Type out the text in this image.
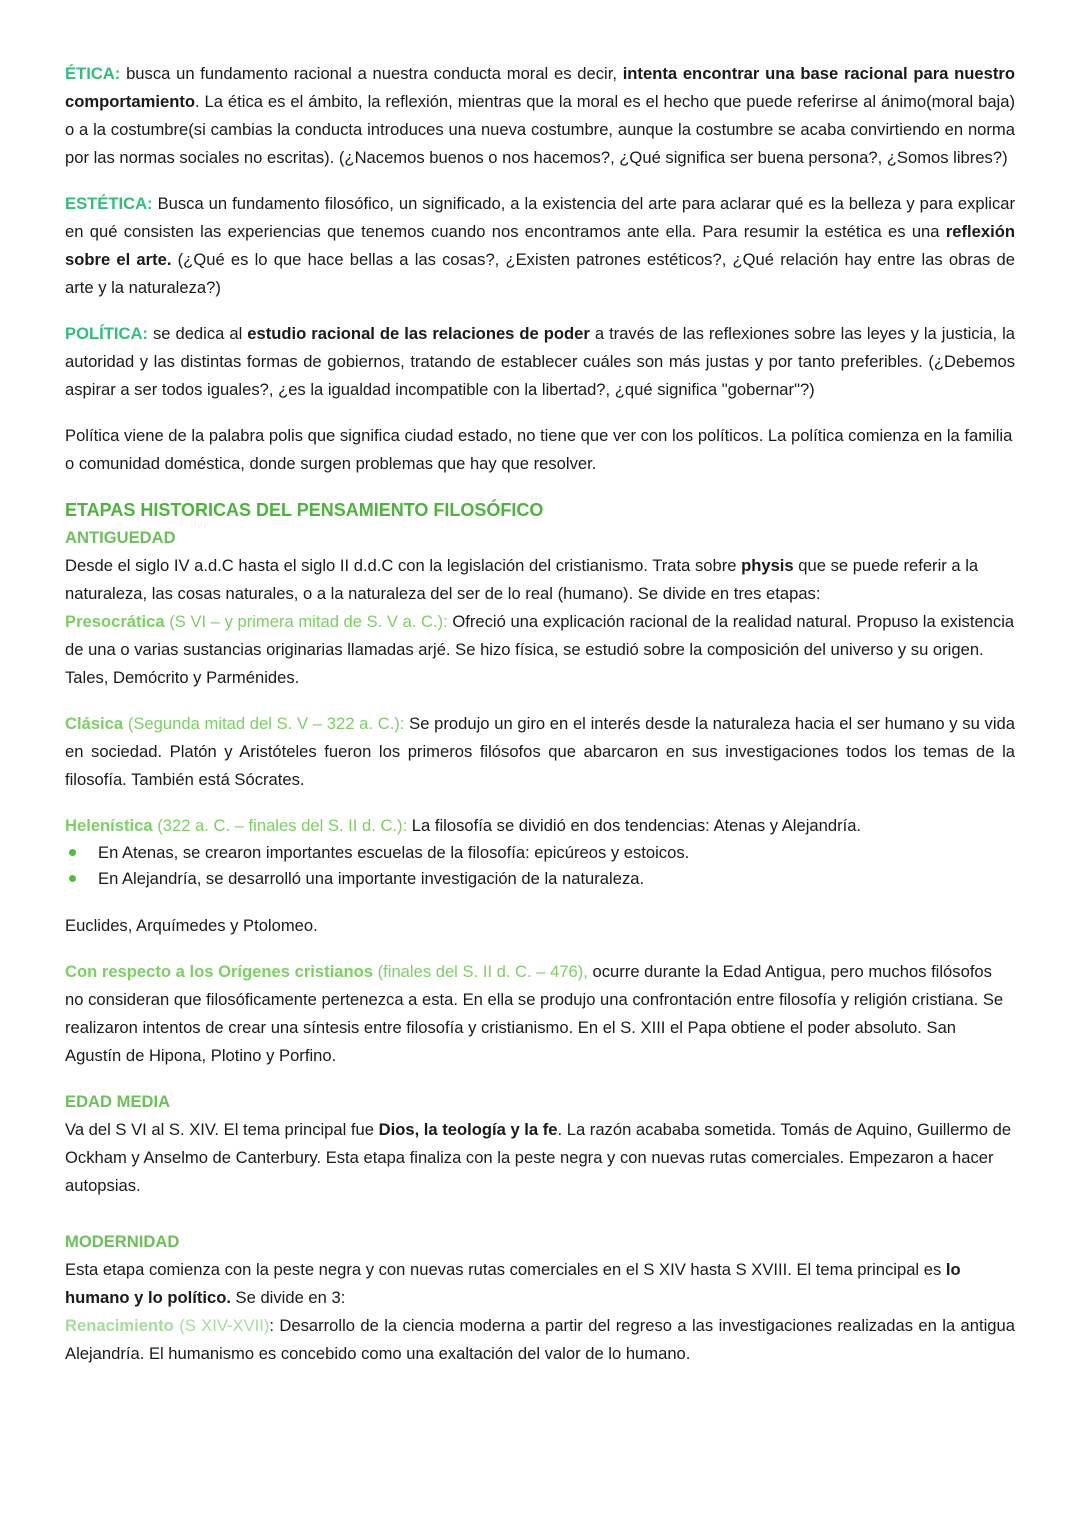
ÉTICA: busca un fundamento racional a nuestra conducta moral es decir, intenta encontrar una base racional para nuestro comportamiento. La ética es el ámbito, la reflexión, mientras que la moral es el hecho que puede referirse al ánimo(moral baja) o a la costumbre(si cambias la conducta introduces una nueva costumbre, aunque la costumbre se acaba convirtiendo en norma por las normas sociales no escritas). (¿Nacemos buenos o nos hacemos?, ¿Qué significa ser buena persona?, ¿Somos libres?)

ESTÉTICA: Busca un fundamento filosófico, un significado, a la existencia del arte para aclarar qué es la belleza y para explicar en qué consisten las experiencias que tenemos cuando nos encontramos ante ella. Para resumir la estética es una reflexión sobre el arte. (¿Qué es lo que hace bellas a las cosas?, ¿Existen patrones estéticos?, ¿Qué relación hay entre las obras de arte y la naturaleza?)

POLÍTICA: se dedica al estudio racional de las relaciones de poder a través de las reflexiones sobre las leyes y la justicia, la autoridad y las distintas formas de gobiernos, tratando de establecer cuáles son más justas y por tanto preferibles. (¿Debemos aspirar a ser todos iguales?, ¿es la igualdad incompatible con la libertad?, ¿qué significa "gobernar"?)

Política viene de la palabra polis que significa ciudad estado, no tiene que ver con los políticos. La política comienza en la familia o comunidad doméstica, donde surgen problemas que hay que resolver.

ETAPAS HISTORICAS DEL PENSAMIENTO FILOSÓFICO

ANTIGUEDAD

Desde el siglo IV a.d.C hasta el siglo II d.d.C con la legislación del cristianismo. Trata sobre physis que se puede referir a la naturaleza, las cosas naturales, o a la naturaleza del ser de lo real (humano). Se divide en tres etapas:

Presocrática (S VI – y primera mitad de S. V a. C.): Ofreció una explicación racional de la realidad natural. Propuso la existencia de una o varias sustancias originarias llamadas arjé. Se hizo física, se estudió sobre la composición del universo y su origen. Tales, Demócrito y Parménides.

Clásica (Segunda mitad del S. V – 322 a. C.): Se produjo un giro en el interés desde la naturaleza hacia el ser humano y su vida en sociedad. Platón y Aristóteles fueron los primeros filósofos que abarcaron en sus investigaciones todos los temas de la filosofía. También está Sócrates.

Helenística (322 a. C. – finales del S. II d. C.): La filosofía se dividió en dos tendencias: Atenas y Alejandría.

En Atenas, se crearon importantes escuelas de la filosofía: epicúreos y estoicos.
En Alejandría, se desarrolló una importante investigación de la naturaleza.

Euclides, Arquímedes y Ptolomeo.

Con respecto a los Orígenes cristianos (finales del S. II d. C. – 476), ocurre durante la Edad Antigua, pero muchos filósofos no consideran que filosóficamente pertenezca a esta. En ella se produjo una confrontación entre filosofía y religión cristiana. Se realizaron intentos de crear una síntesis entre filosofía y cristianismo. En el S. XIII el Papa obtiene el poder absoluto. San Agustín de Hipona, Plotino y Porfino.

EDAD MEDIA

Va del S VI al S. XIV. El tema principal fue Dios, la teología y la fe. La razón acababa sometida. Tomás de Aquino, Guillermo de Ockham y Anselmo de Canterbury. Esta etapa finaliza con la peste negra y con nuevas rutas comerciales. Empezaron a hacer autopsias.

MODERNIDAD

Esta etapa comienza con la peste negra y con nuevas rutas comerciales en el S XIV hasta S XVIII. El tema principal es lo humano y lo político. Se divide en 3:

Renacimiento (S XIV-XVII): Desarrollo de la ciencia moderna a partir del regreso a las investigaciones realizadas en la antigua Alejandría. El humanismo es concebido como una exaltación del valor de lo humano.
